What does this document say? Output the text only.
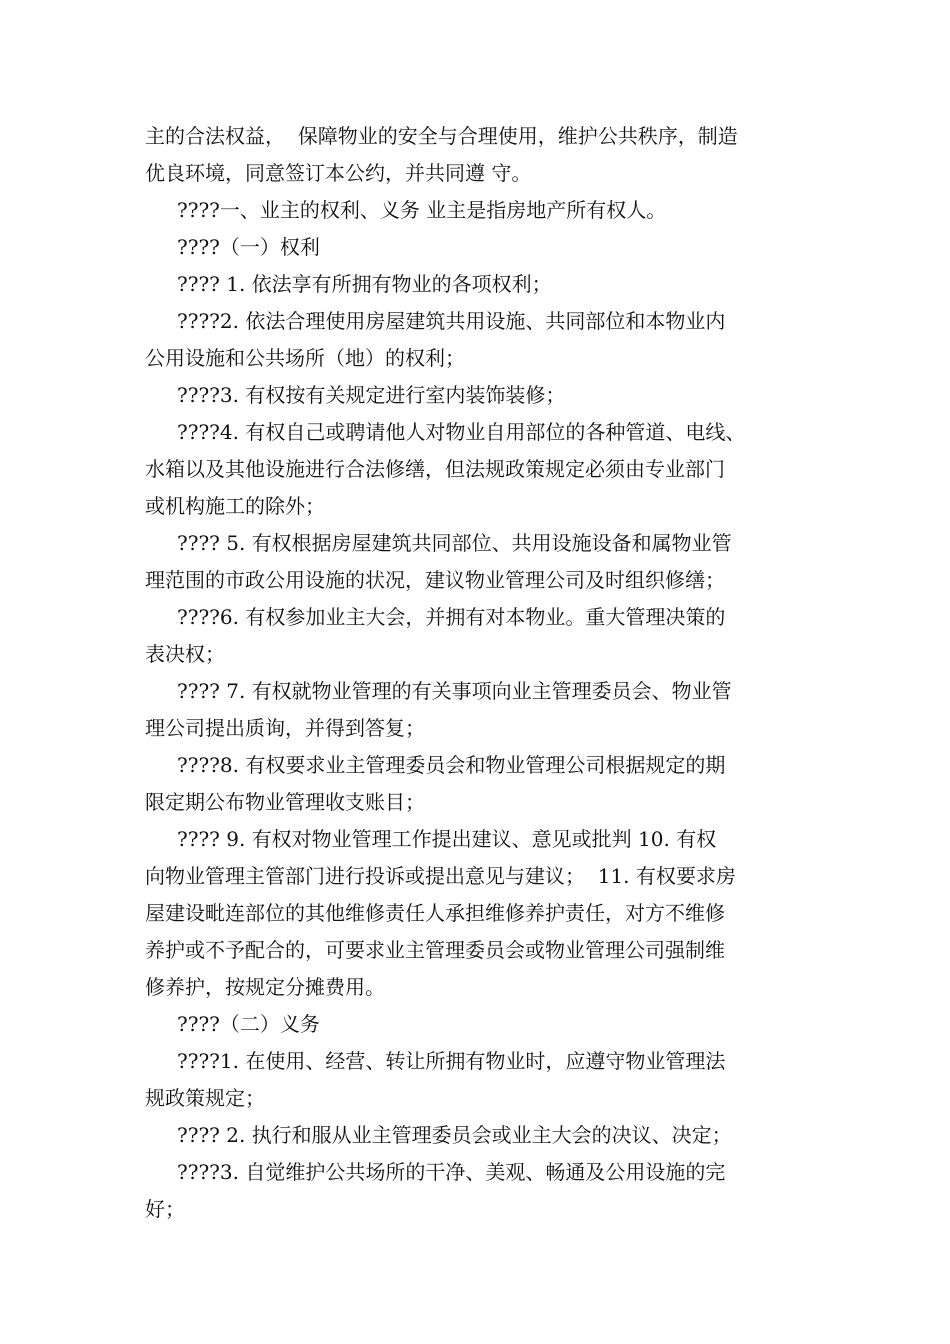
主的合法权益，  保障物业的安全与合理使用，维护公共秩序，制造
优良环境，同意签订本公约，并共同遵 守。
????一、业主的权利、义务 业主是指房地产所有权人。
????（一）权利
???? 1. 依法享有所拥有物业的各项权利；
????2. 依法合理使用房屋建筑共用设施、共同部位和本物业内
公用设施和公共场所（地）的权利；
????3. 有权按有关规定进行室内装饰装修；
????4. 有权自己或聘请他人对物业自用部位的各种管道、电线、
水箱以及其他设施进行合法修缮，但法规政策规定必须由专业部门
或机构施工的除外；
???? 5. 有权根据房屋建筑共同部位、共用设施设备和属物业管
理范围的市政公用设施的状况，建议物业管理公司及时组织修缮；
????6. 有权参加业主大会，并拥有对本物业。重大管理决策的
表决权；
???? 7. 有权就物业管理的有关事项向业主管理委员会、物业管
理公司提出质询，并得到答复；
????8. 有权要求业主管理委员会和物业管理公司根据规定的期
限定期公布物业管理收支账目；
???? 9. 有权对物业管理工作提出建议、意见或批判 10. 有权
向物业管理主管部门进行投诉或提出意见与建议；  11. 有权要求房
屋建设毗连部位的其他维修责任人承担维修养护责任，对方不维修
养护或不予配合的，可要求业主管理委员会或物业管理公司强制维
修养护，按规定分摊费用。
????（二）义务
????1. 在使用、经营、转让所拥有物业时，应遵守物业管理法
规政策规定；
???? 2. 执行和服从业主管理委员会或业主大会的决议、决定；
????3. 自觉维护公共场所的干净、美观、畅通及公用设施的完
好；
